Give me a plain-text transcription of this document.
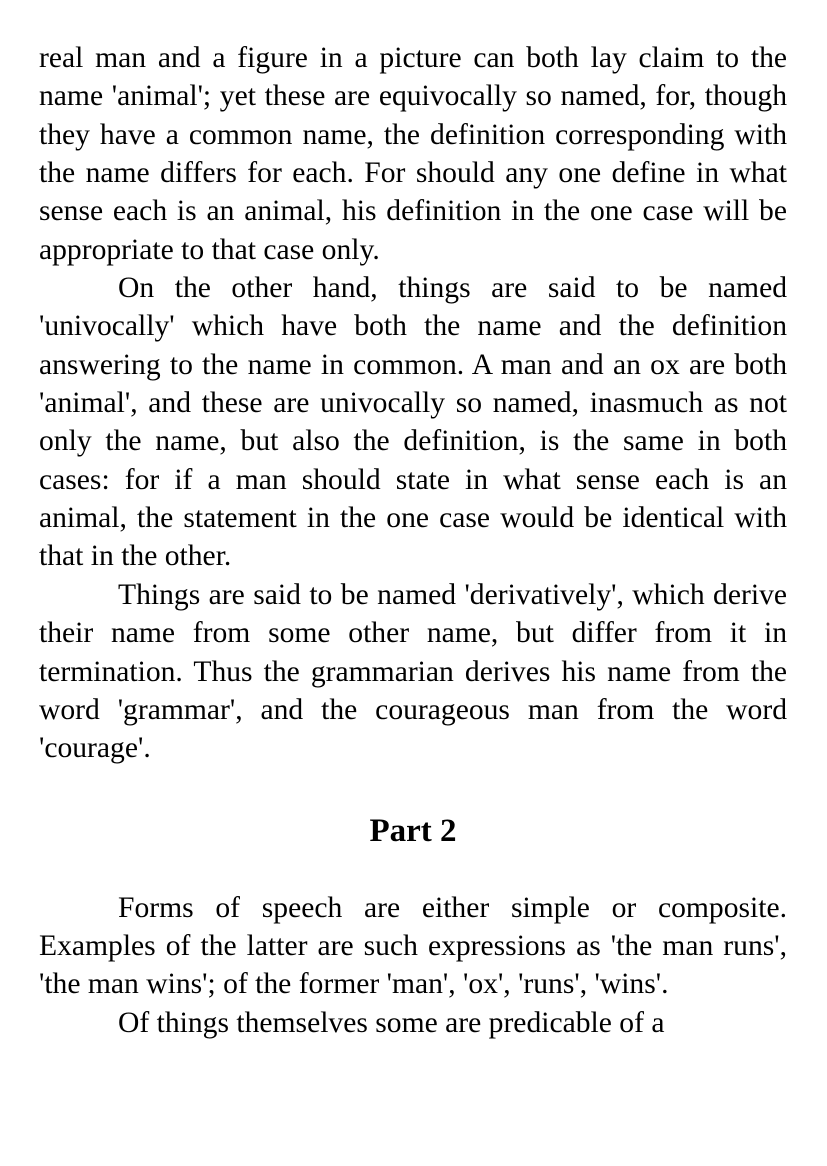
real man and a figure in a picture can both lay claim to the name 'animal'; yet these are equivocally so named, for, though they have a common name, the definition corresponding with the name differs for each. For should any one define in what sense each is an animal, his definition in the one case will be appropriate to that case only.

On the other hand, things are said to be named 'univocally' which have both the name and the definition answering to the name in common. A man and an ox are both 'animal', and these are univocally so named, inasmuch as not only the name, but also the definition, is the same in both cases: for if a man should state in what sense each is an animal, the statement in the one case would be identical with that in the other.

Things are said to be named 'derivatively', which derive their name from some other name, but differ from it in termination. Thus the grammarian derives his name from the word 'grammar', and the courageous man from the word 'courage'.

Part 2

Forms of speech are either simple or composite. Examples of the latter are such expressions as 'the man runs', 'the man wins'; of the former 'man', 'ox', 'runs', 'wins'.

Of things themselves some are predicable of a
